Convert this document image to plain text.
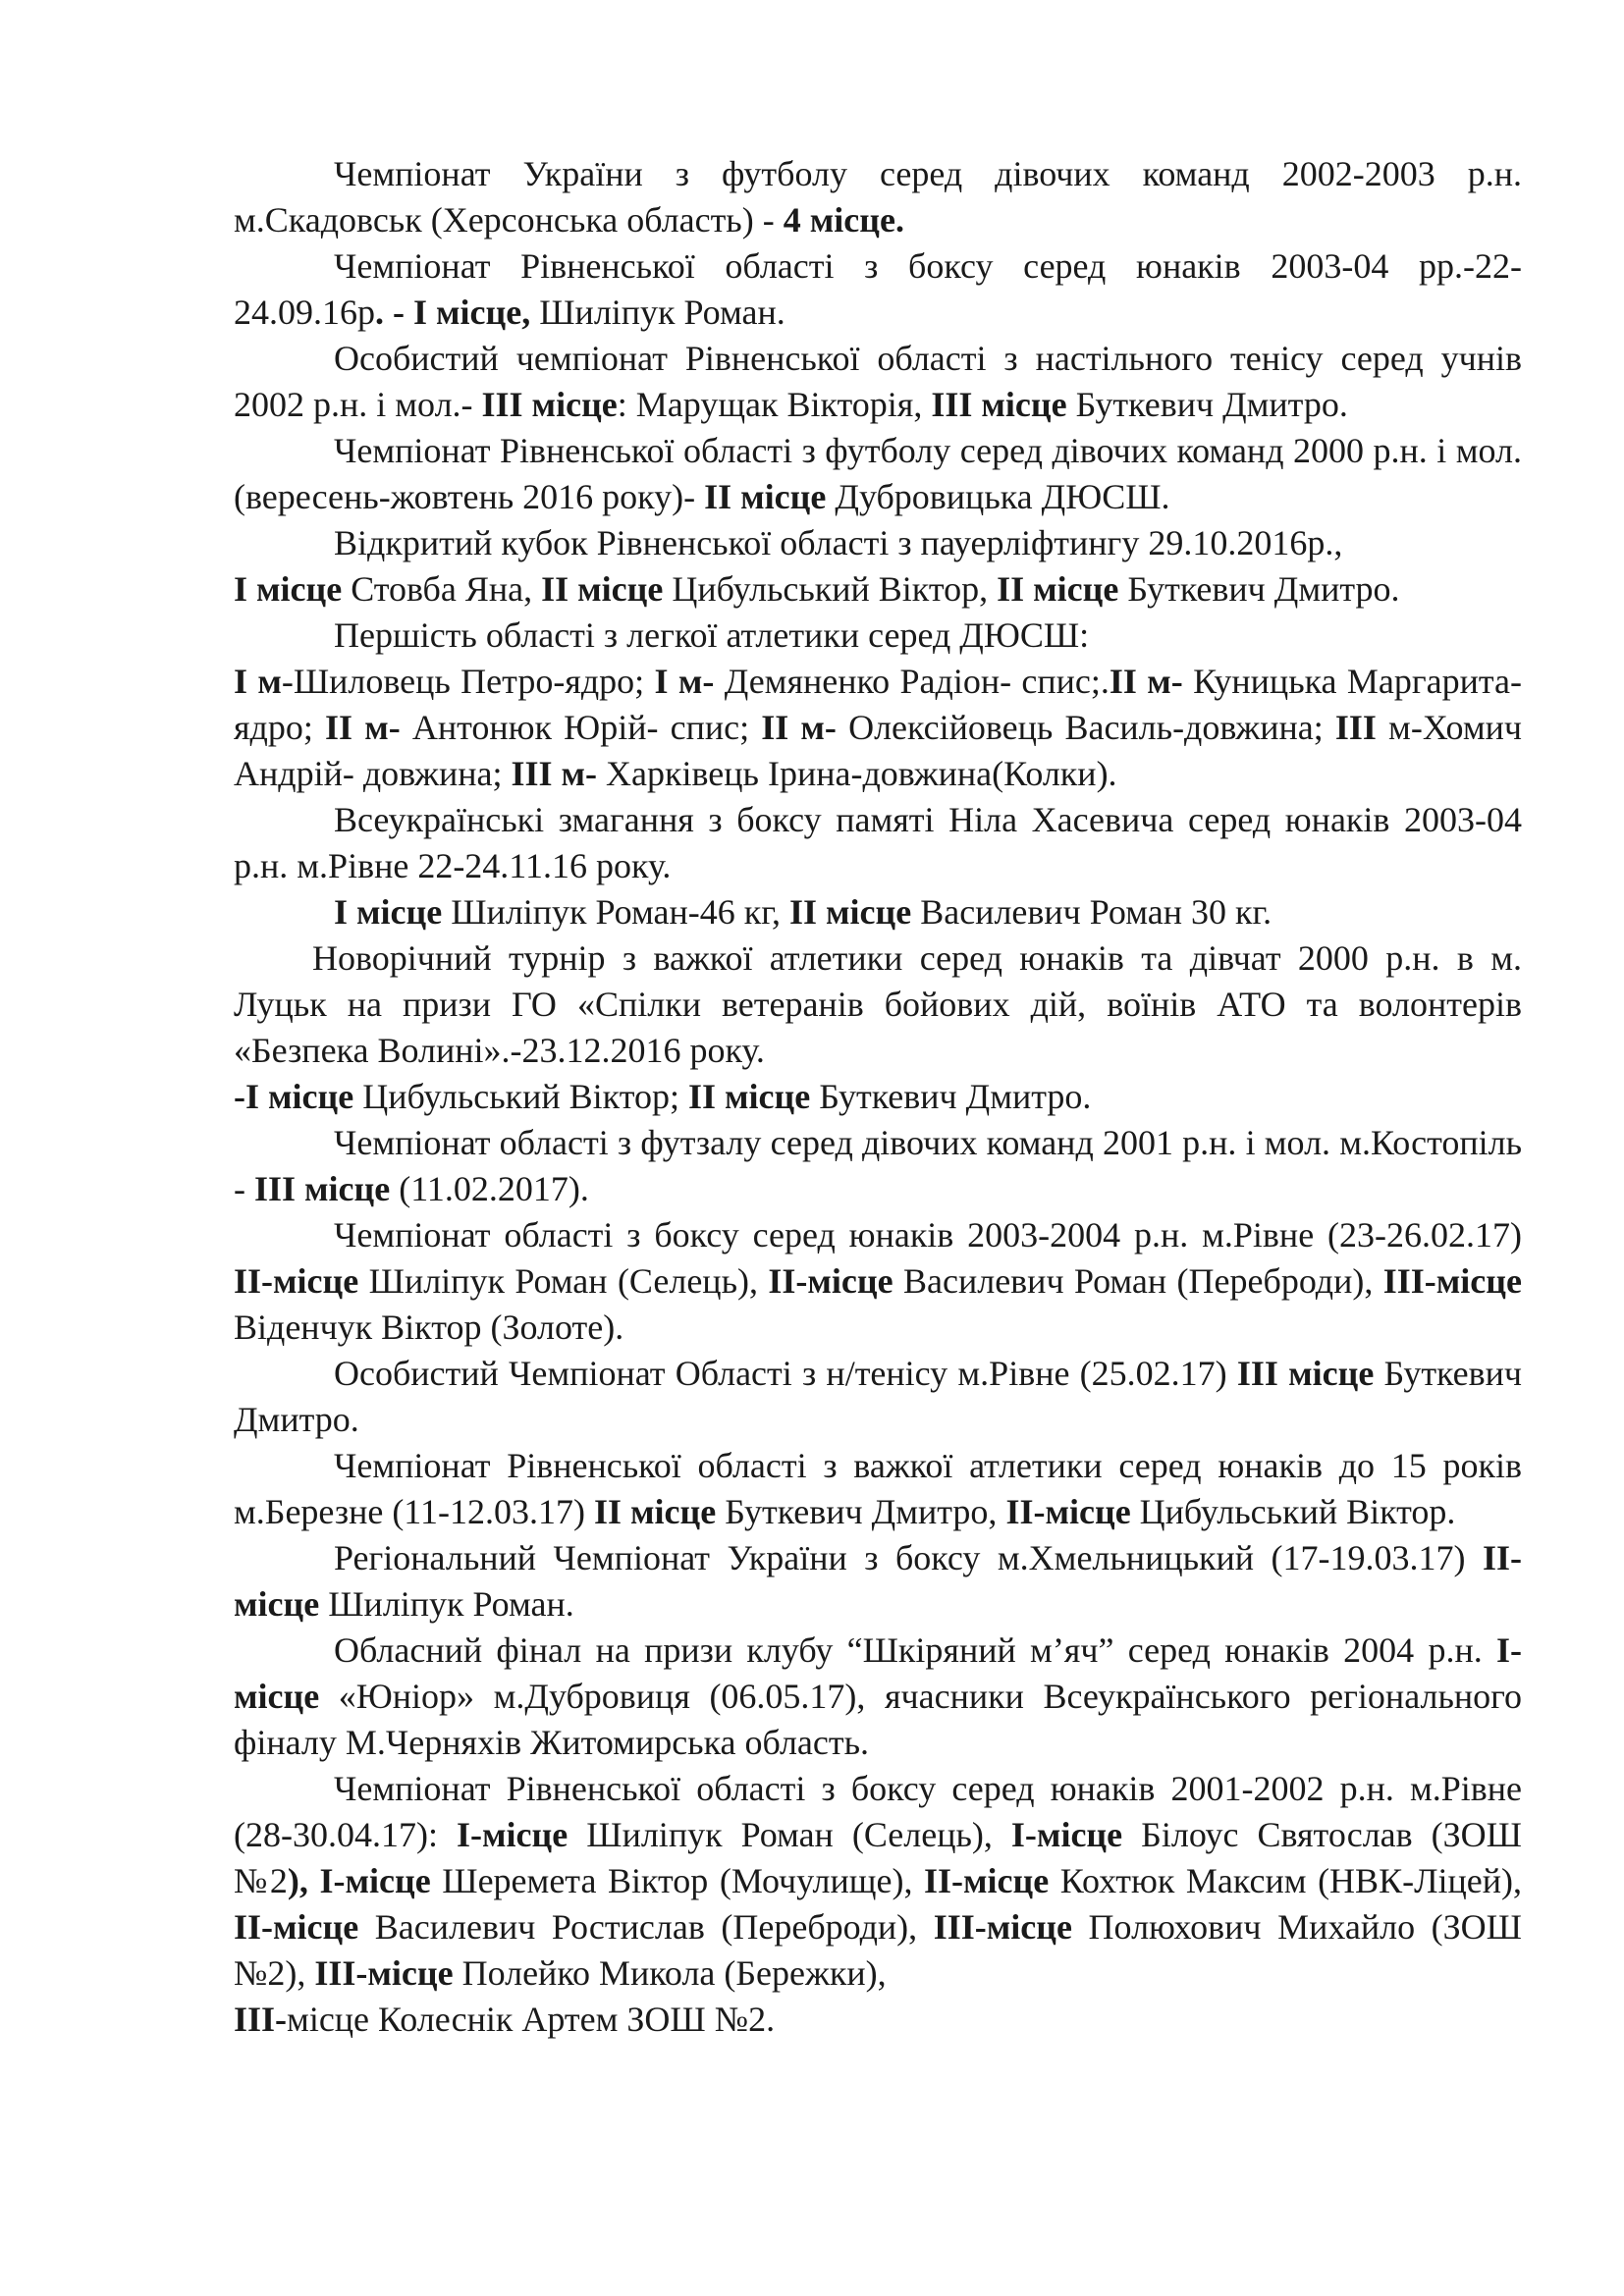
Чемпіонат України з футболу серед дівочих команд 2002-2003 р.н.

м.Скадовськ (Херсонська область) - 4 місце.

Чемпіонат Рівненської області з боксу серед юнаків 2003-04 рр.-22-

24.09.16р. - І місце, Шиліпук Роман.

Особистий чемпіонат Рівненської області з настільного тенісу серед учнів 2002 р.н. і мол.- ІІІ місце: Марущак Вікторія, ІІІ місце Буткевич Дмитро.

Чемпіонат Рівненської області з футболу серед дівочих команд 2000 р.н. і мол. (вересень-жовтень 2016 року)- ІІ місце Дубровицька ДЮСШ.

Відкритий кубок Рівненської області з пауерліфтингу 29.10.2016р.,

І місце Стовба Яна, ІІ місце Цибульський Віктор, ІІ місце Буткевич Дмитро.

Першість області з легкої атлетики серед ДЮСШ:

І м-Шиловець Петро-ядро; І м- Демяненко Радіон- спис;.ІІ м- Куницька Маргарита- ядро; ІІ м- Антонюк Юрій- спис; ІІ м- Олексійовець Василь-довжина; ІІІ м-Хомич Андрій- довжина; ІІІ м- Харківець Ірина-довжина(Колки).

Всеукраїнські змагання з боксу памяті Ніла Хасевича серед юнаків 2003-04 р.н. м.Рівне 22-24.11.16 року.

І місце Шиліпук Роман-46 кг, ІІ місце Василевич Роман 30 кг.

Новорічний турнір з важкої атлетики серед юнаків та дівчат 2000 р.н. в м. Луцьк на призи ГО «Спілки ветеранів бойових дій, воїнів АТО та волонтерів «Безпека Волині».-23.12.2016 року.

-І місце Цибульський Віктор; ІІ місце Буткевич Дмитро.

Чемпіонат області з футзалу серед дівочих команд 2001 р.н. і мол. м.Костопіль - ІІІ місце (11.02.2017).

Чемпіонат області з боксу серед юнаків 2003-2004 р.н. м.Рівне (23-26.02.17) ІІ-місце Шиліпук Роман (Селець), ІІ-місце Василевич Роман (Переброди), ІІІ-місце Віденчук Віктор (Золоте).

Особистий Чемпіонат Області з н/тенісу м.Рівне (25.02.17) ІІІ місце Буткевич Дмитро.

Чемпіонат Рівненської області з важкої атлетики серед юнаків до 15 років м.Березне (11-12.03.17) ІІ місце Буткевич Дмитро, ІІ-місце Цибульський Віктор.

Регіональний Чемпіонат України з боксу м.Хмельницький (17-19.03.17) ІІ-місце Шиліпук Роман.

Обласний фінал на призи клубу “Шкіряний м’яч” серед юнаків 2004 р.н. І-місце «Юніор» м.Дубровиця (06.05.17), ячасники Всеукраїнського регіонального фіналу М.Черняхів Житомирська область.

Чемпіонат Рівненської області з боксу серед юнаків 2001-2002 р.н. м.Рівне (28-30.04.17): І-місце Шиліпук Роман (Селець), І-місце Білоус Святослав (ЗОШ №2), І-місце Шеремета Віктор (Мочулище), ІІ-місце Кохтюк Максим (НВК-Ліцей), ІІ-місце Василевич Ростислав (Переброди), ІІІ-місце Полюхович Михайло (ЗОШ №2), ІІІ-місце Полейко Микола (Бережки),

ІІІ-місце Колеснік Артем ЗОШ №2.
